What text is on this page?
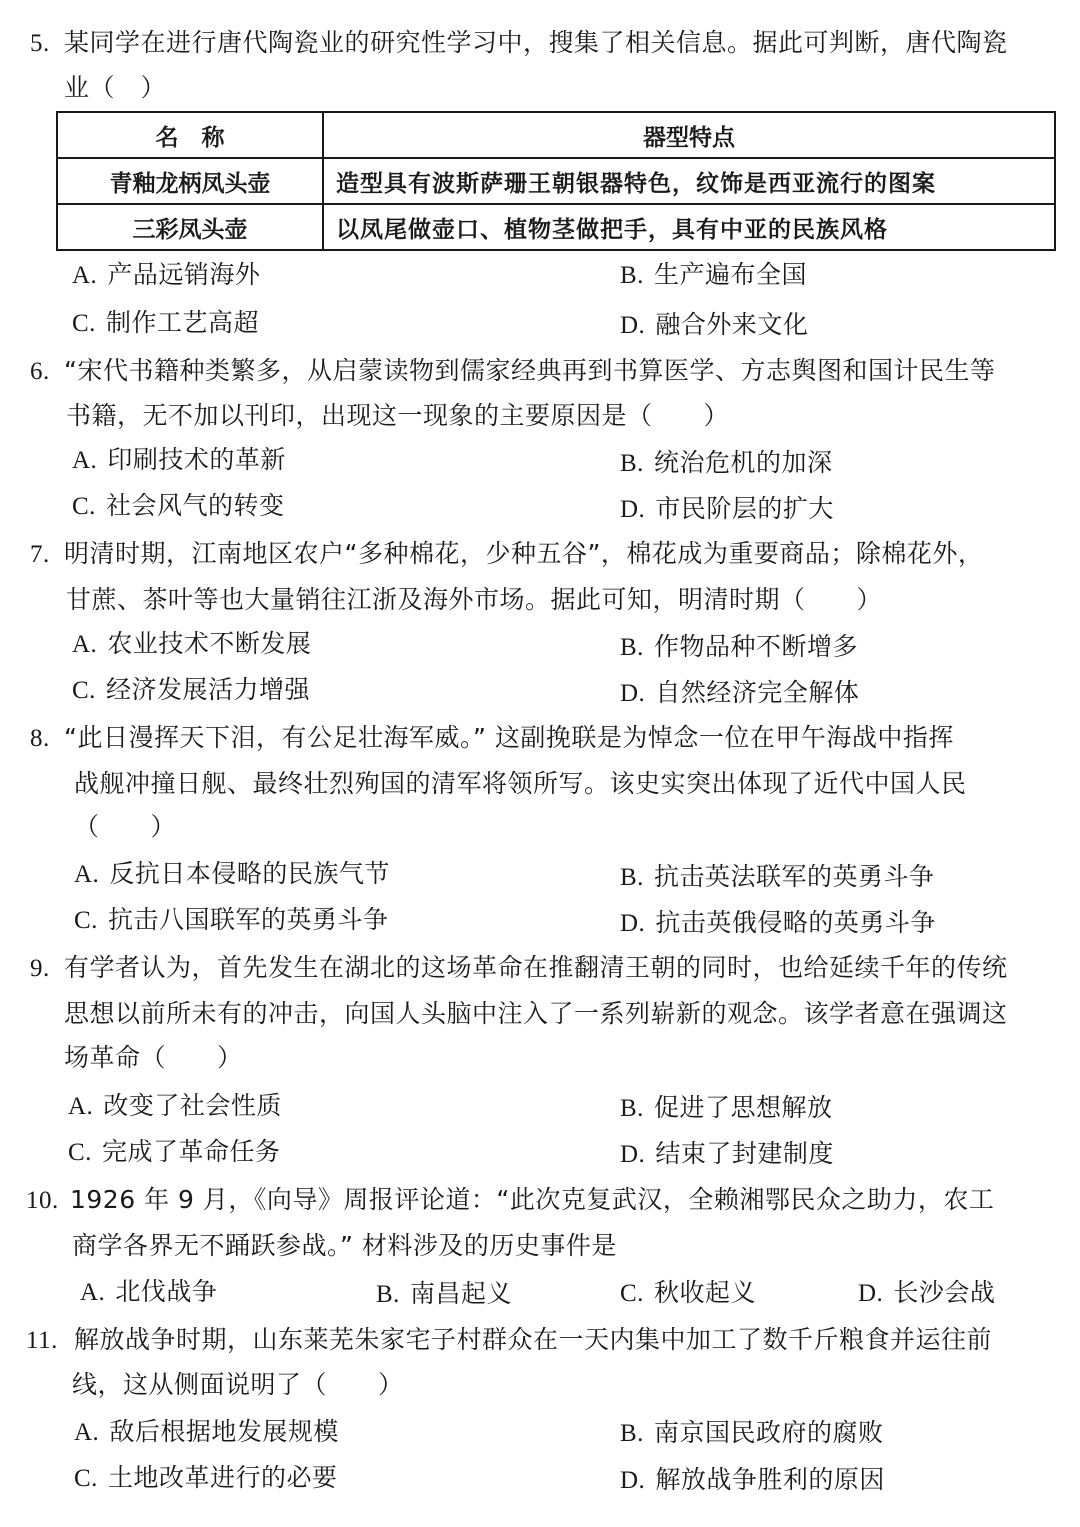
5. 某同学在进行唐代陶瓷业的研究性学习中，搜集了相关信息。据此可判断，唐代陶瓷
业（　）
名　称	器型特点
青釉龙柄凤头壶	造型具有波斯萨珊王朝银器特色，纹饰是西亚流行的图案
三彩凤头壶	以凤尾做壶口、植物茎做把手，具有中亚的民族风格
A. 产品远销海外	B. 生产遍布全国
C. 制作工艺高超	D. 融合外来文化
6. “宋代书籍种类繁多，从启蒙读物到儒家经典再到书算医学、方志舆图和国计民生等
书籍，无不加以刊印，出现这一现象的主要原因是（　　）
A. 印刷技术的革新	B. 统治危机的加深
C. 社会风气的转变	D. 市民阶层的扩大
7. 明清时期，江南地区农户“多种棉花，少种五谷”，棉花成为重要商品；除棉花外，
甘蔗、茶叶等也大量销往江浙及海外市场。据此可知，明清时期（　　）
A. 农业技术不断发展	B. 作物品种不断增多
C. 经济发展活力增强	D. 自然经济完全解体
8. “此日漫挥天下泪，有公足壮海军威。” 这副挽联是为悼念一位在甲午海战中指挥
战舰冲撞日舰、最终壮烈殉国的清军将领所写。该史实突出体现了近代中国人民
（　　）
A. 反抗日本侵略的民族气节	B. 抗击英法联军的英勇斗争
C. 抗击八国联军的英勇斗争	D. 抗击英俄侵略的英勇斗争
9. 有学者认为，首先发生在湖北的这场革命在推翻清王朝的同时，也给延续千年的传统
思想以前所未有的冲击，向国人头脑中注入了一系列崭新的观念。该学者意在强调这
场革命（　　）
A. 改变了社会性质	B. 促进了思想解放
C. 完成了革命任务	D. 结束了封建制度
10. 1926 年 9 月，《向导》周报评论道：“此次克复武汉，全赖湘鄂民众之助力，农工
商学各界无不踊跃参战。” 材料涉及的历史事件是
A. 北伐战争	B. 南昌起义	C. 秋收起义	D. 长沙会战
11. 解放战争时期，山东莱芜朱家宅子村群众在一天内集中加工了数千斤粮食并运往前
线，这从侧面说明了（　　）
A. 敌后根据地发展规模	B. 南京国民政府的腐败
C. 土地改革进行的必要	D. 解放战争胜利的原因
